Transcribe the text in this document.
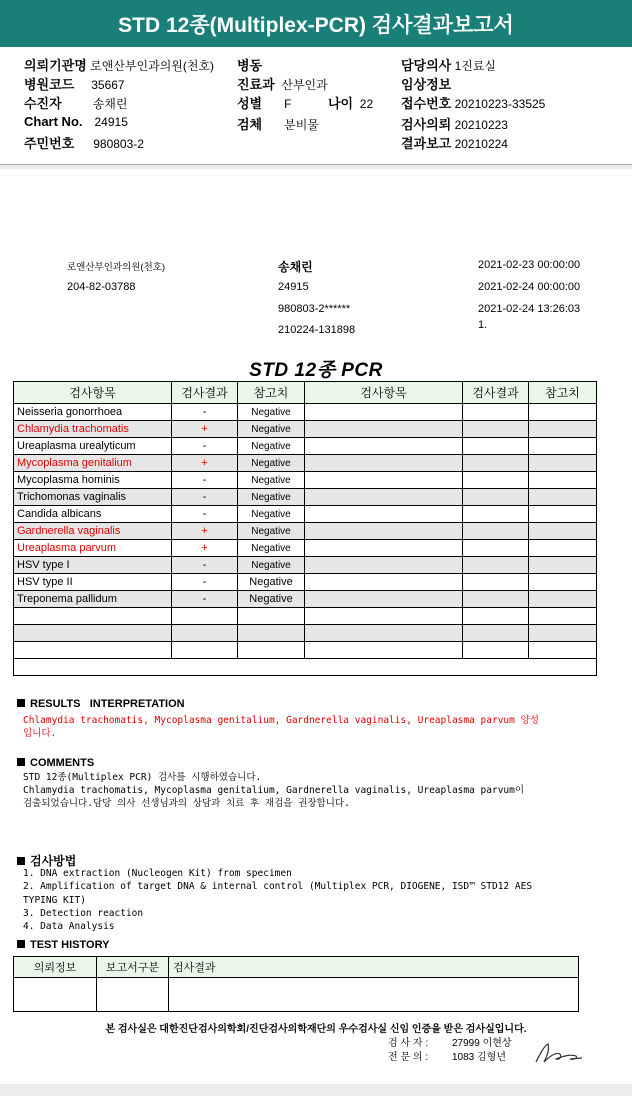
STD 12종(Multiplex-PCR) 검사결과보고서
의뢰기관명 로앤산부인과의원(천호)
병원코드 35667
수진자	송채린
Chart No. 24915
주민번호 980803-2
병동
진료과 산부인과
성별 F	나이 22
검체 분비물
담당의사 1진료실
임상정보
접수번호 20210223-33525
검사의뢰 20210223
결과보고 20210224
로앤산부인과의원(천호)
204-82-03788
송채린
24915
980803-2******
210224-131898
2021-02-23 00:00:00
2021-02-24 00:00:00
2021-02-24 13:26:03
1.
STD 12종 PCR
검사항목	검사결과	참고치	검사항목	검사결과	참고치
Neisseria gonorrhoea	-	Negative			
Chlamydia trachomatis	+	Negative			
Ureaplasma urealyticum	-	Negative			
Mycoplasma genitalium	+	Negative			
Mycoplasma hominis	-	Negative			
Trichomonas vaginalis	-	Negative			
Candida albicans	-	Negative			
Gardnerella vaginalis	+	Negative			
Ureaplasma parvum	+	Negative			
HSV type I	-	Negative			
HSV type II	-	Negative			
Treponema pallidum	-	Negative			

RESULTS   INTERPRETATION
Chlamydia trachomatis, Mycoplasma genitalium, Gardnerella vaginalis, Ureaplasma parvum 양성
입니다.
COMMENTS
STD 12종(Multiplex PCR) 검사를 시행하였습니다.
Chlamydia trachomatis, Mycoplasma genitalium, Gardnerella vaginalis, Ureaplasma parvum이
검출되었습니다.담당 의사 선생님과의 상담과 치료 후 재검을 권장합니다.
검사방법
1. DNA extraction (Nucleogen Kit) from specimen
2. Amplification of target DNA & internal control (Multiplex PCR, DIOGENE, ISD™ STD12 AES
TYPING KIT)
3. Detection reaction
4. Data Analysis
TEST HISTORY
의뢰정보	보고서구분	검사결과

본 검사실은 대한진단검사의학회/진단검사의학재단의 우수검사실 신임 인증을 받은 검사실입니다.
검 사 자 : 27999 이현상
전 문 의 : 1083 김형년
